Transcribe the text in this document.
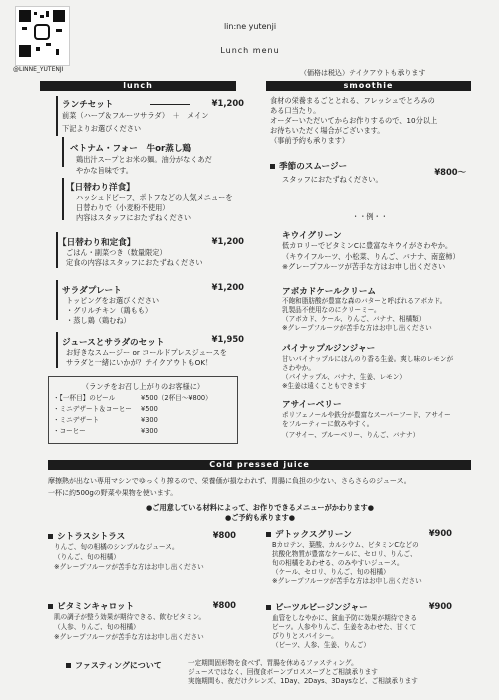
@LINNE_YUTENJI
lin:ne yutenji
Lunch menu
（価格は税込）テイクアウトも承ります
lunch
ランチセット	¥1,200
前菜（ハーブ＆フルーツサラダ）　＋　メイン
下記よりお選びください
ベトナム・フォー　牛or蒸し鶏
鶏出汁スープとお米の麺。油分がなくあだ
やかな旨味です。
【日替わり洋食】
ハッシュドビーフ、ポトフなどの人気メニューを
日替わりで（小麦粉不使用）
内容はスタッフにおたずねください
【日替わり和定食】	¥1,200
ごはん・副菜つき（数量限定）
定食の内容はスタッフにおたずねください
サラダプレート	¥1,200
トッピングをお選びください
・グリルチキン（鶏もも）
・蒸し鶏（鶏むね）
ジュースとサラダのセット	¥1,950
お好きなスムージー or コールドプレスジュースを
サラダと一緒にいかが？テイクアウトもOK！
（ランチをお召し上がりのお客様に）
・【一杯目】のビール	¥500（2杯目～¥800）
・ミニデザート＆コーヒー ¥500
・ミニデザート	¥300
・コーヒー	¥300
smoothie
食材の栄養まるごととれる、フレッシュでとろみの
ある口当たり。
オーダーいただいてからお作りするので、10分以上
お待ちいただく場合がございます。
（事前予約も承ります）
季節のスムージー	¥800～
スタッフにおたずねください。
・・例・・
キウイグリーン
低カロリーでビタミンCに豊富なキウイがさわやか。
（キウイフルーツ、小松菜、りんご、バナナ、南蛮柿）
※グレープフルーツが苦手な方はお申し出ください
アボカドケールクリーム
不飽和脂肪酸が豊富な森のバターと呼ばれるアボカド。
乳製品不使用なのにクリーミー。
（アボカド、ケール、りんご、バナナ、相橘類）
※グレープフルーツが苦手な方はお申し出ください
パイナップルジンジャー
甘いパイナップルにほんのり香る生姜。爽し味のレモンが
さわやか。
（パイナップル、バナナ、生姜、レモン）
※生姜は遠くこともできます
アサイーベリー
ポリフェノールや鉄分が豊富なスーパーフード、アサイー
をフルーティーに飲みやすく。
（アサイー、ブルーベリー、りんご、バナナ）
Cold pressed juice
摩擦熱が出ない専用マシンでゆっくり搾るので、栄養価が損なわれず、胃腸に負担の少ない、さらさらのジュース。
一杯に約500gの野菜や果物を使います。
●ご用意している材料によって、お作りできるメニューがかわります●
●ご予約も承ります●
シトラスシトラス	¥800
りんご、旬の相橘のシンプルなジュース。
（りんご、旬の相橘）
※グレープフルーツが苦手な方はお申し出ください
デトックスグリーン	¥900
Bカロテン、葉酸、カルシウム、ビタミンCなどの
抗酸化物質が豊富なケールに、セロリ、りんご、
旬の相橘をあわせる、のみやすいジュース。
（ケール、セロリ、りんご、旬の相橘）
※グレープフルーツが苦手な方はお申し出ください
ビタミンキャロット	¥800
肌の調子が整う効果が期待できる、飲むビタミン。
（人参、りんご、旬の相橘）
※グレープフルーツが苦手な方はお申し出ください
ビーツルビージンジャー	¥900
血管をしなやかに、貧血予防に効果が期待できる
ビーツ。人参やりんご、生姜をあわせた、甘くて
ぴりりとスパイシー。
（ビーツ、人参、生姜、りんご）
ファスティングについて	一定期間固形物を食べず、胃腸を休めるファスティング。
ジュースではなく、回復食ボーンブロススープとご相談承ります
実施期間も、夜だけクレンズ、1Day、2Days、3Daysなど、ご相談承ります
